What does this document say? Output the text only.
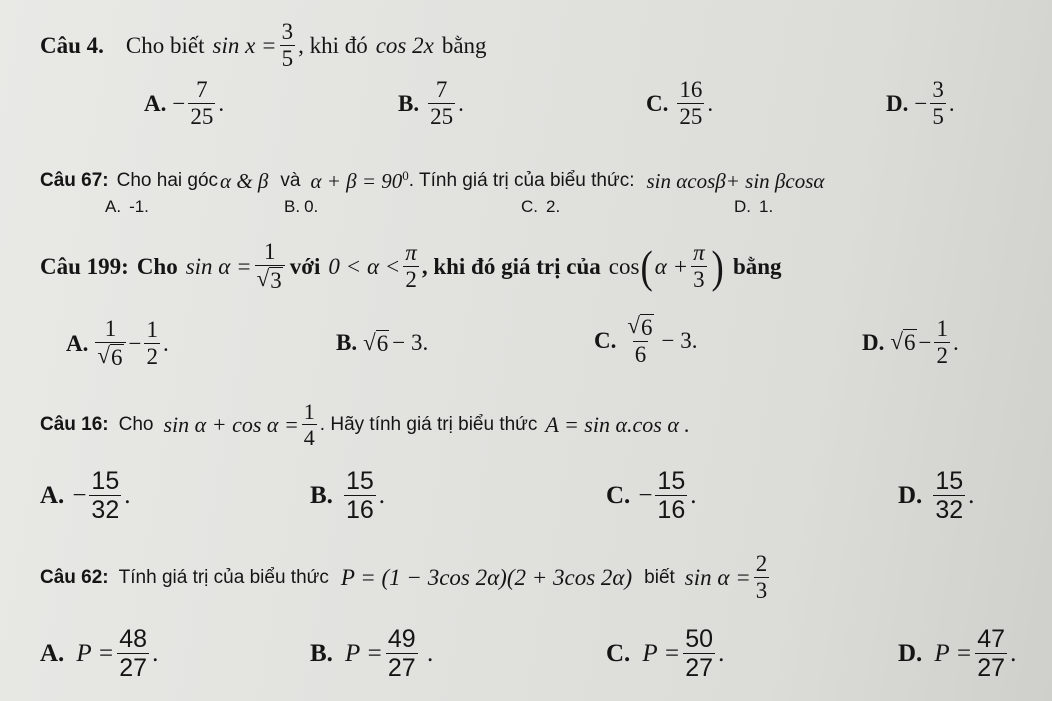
Câu 4. Cho biết $\sin x = \frac{3}{5}$ , khi đó cos 2x bằng
A. − $\frac{7}{25}$ .	B. $\frac{7}{25}$ .	C. $\frac{16}{25}$ .	D. − $\frac{3}{5}$ .
Câu 67: Cho hai góc α & β và $\alpha + \beta = 90^0$ . Tính giá trị của biểu thức: sin αcosβ+ sin βcosα
A. -1.	B. 0.	C. 2.	D. 1.
Câu 199: Cho $\sin \alpha = \frac{1}{√ 3}$ với $0 < \alpha < \frac{\pi}{2}$ , khi đó giá trị của cos ( $\alpha + \frac{\pi}{3}$ ) bằng
A. $\frac{1}{√ 6} - \frac{1}{2}$ .	B. √ 6 − 3.	C. $\frac{√ 6}{6} - 3$.	D. √ $6 - \frac{1}{2}$ .
Câu 16: Cho $\sin \alpha + \cos \alpha = \frac{1}{4}$ . Hãy tính giá trị biểu thức A = sin α.cos α .
A. − $\frac{15}{32}$ .	B. $\frac{15}{16}$ .	C. − $\frac{15}{16}$ .	D. $\frac{15}{32}$ .
Câu 62: Tính giá trị của biểu thức P = (1 − 3cos 2α)(2 + 3cos 2α) biết $\sin \alpha = \frac{2}{3}$
A. $P = \frac{48}{27}$ .	B. $P = \frac{49}{27}$ .	C. $P = \frac{50}{27}$ .	D. $P = \frac{47}{27}$ .
